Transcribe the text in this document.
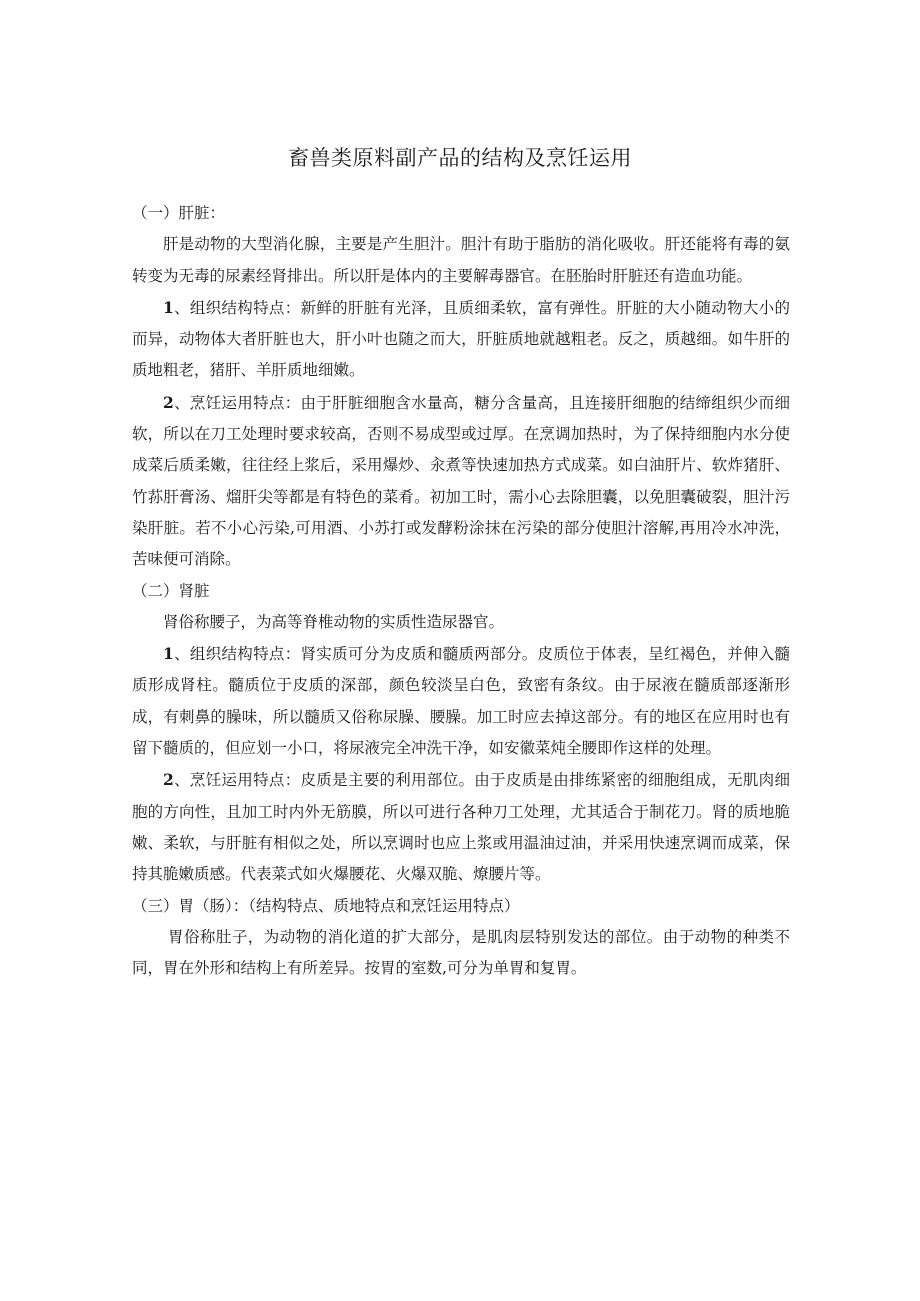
畜兽类原料副产品的结构及烹饪运用

（一）肝脏：

肝是动物的大型消化腺，主要是产生胆汁。胆汁有助于脂肪的消化吸收。肝还能将有毒的氨转变为无毒的尿素经肾排出。所以肝是体内的主要解毒器官。在胚胎时肝脏还有造血功能。

1、组织结构特点：新鲜的肝脏有光泽，且质细柔软，富有弹性。肝脏的大小随动物大小的而异，动物体大者肝脏也大，肝小叶也随之而大，肝脏质地就越粗老。反之，质越细。如牛肝的质地粗老，猪肝、羊肝质地细嫩。

2、烹饪运用特点：由于肝脏细胞含水量高，糖分含量高，且连接肝细胞的结缔组织少而细软，所以在刀工处理时要求较高，否则不易成型或过厚。在烹调加热时，为了保持细胞内水分使成菜后质柔嫩，往往经上浆后，采用爆炒、汆煮等快速加热方式成菜。如白油肝片、软炸猪肝、竹荪肝膏汤、熘肝尖等都是有特色的菜肴。初加工时，需小心去除胆囊，以免胆囊破裂，胆汁污染肝脏。若不小心污染,可用酒、小苏打或发酵粉涂抹在污染的部分使胆汁溶解,再用冷水冲洗，苦味便可消除。

（二）肾脏

肾俗称腰子，为高等脊椎动物的实质性造尿器官。

1、组织结构特点：肾实质可分为皮质和髓质两部分。皮质位于体表，呈红褐色，并伸入髓质形成肾柱。髓质位于皮质的深部，颜色较淡呈白色，致密有条纹。由于尿液在髓质部逐渐形成，有刺鼻的臊味，所以髓质又俗称尿臊、腰臊。加工时应去掉这部分。有的地区在应用时也有留下髓质的，但应划一小口，将尿液完全冲洗干净，如安徽菜炖全腰即作这样的处理。

2、烹饪运用特点：皮质是主要的利用部位。由于皮质是由排练紧密的细胞组成，无肌肉细胞的方向性，且加工时内外无筋膜，所以可进行各种刀工处理，尤其适合于制花刀。肾的质地脆嫩、柔软，与肝脏有相似之处，所以烹调时也应上浆或用温油过油，并采用快速烹调而成菜，保持其脆嫩质感。代表菜式如火爆腰花、火爆双脆、燎腰片等。

（三）胃（肠）：（结构特点、质地特点和烹饪运用特点）

胃俗称肚子，为动物的消化道的扩大部分，是肌肉层特别发达的部位。由于动物的种类不同，胃在外形和结构上有所差异。按胃的室数,可分为单胃和复胃。
